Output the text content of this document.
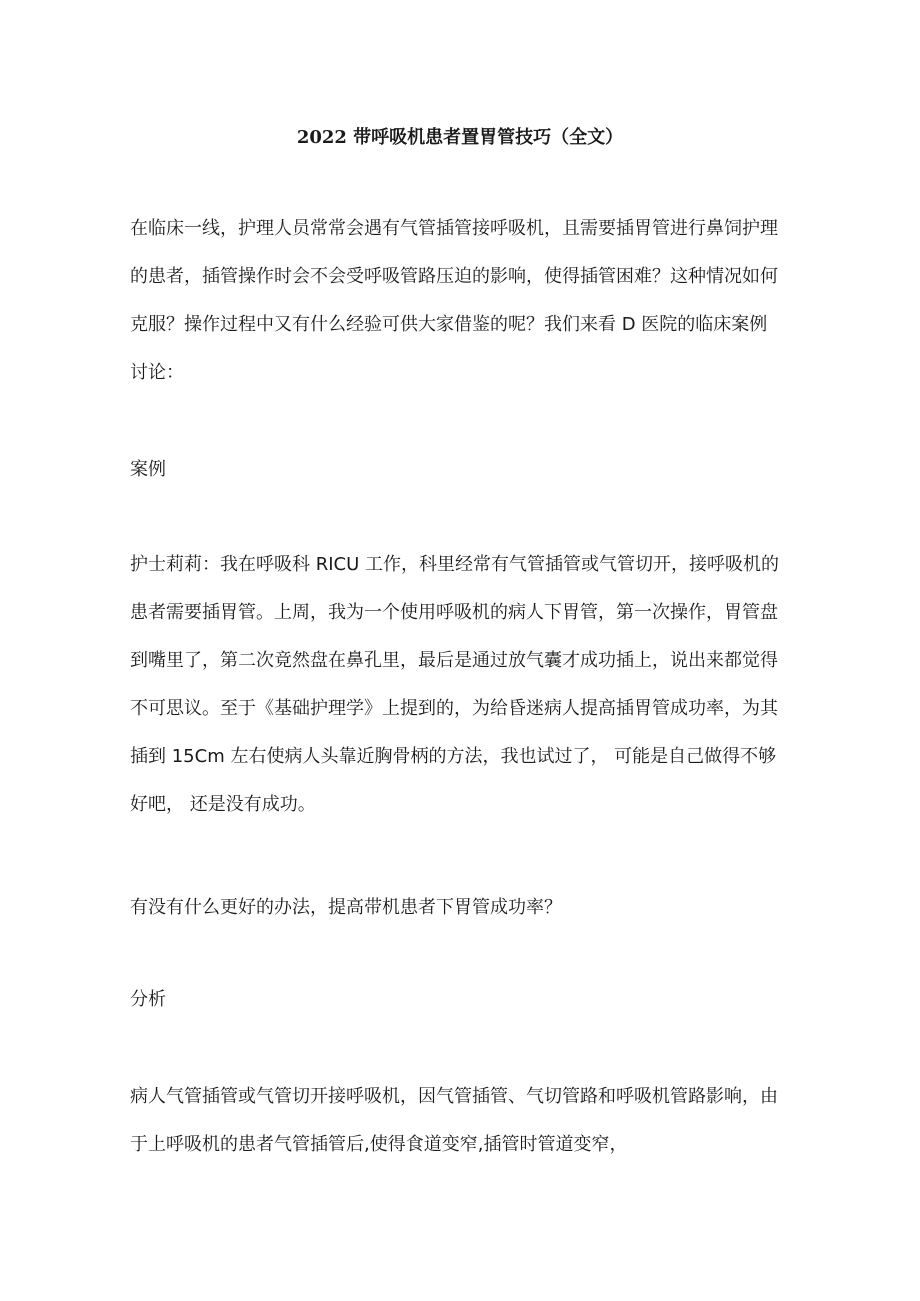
2022 带呼吸机患者置胃管技巧（全文）
在临床一线，护理人员常常会遇有气管插管接呼吸机，且需要插胃管进行鼻饲护理
的患者，插管操作时会不会受呼吸管路压迫的影响，使得插管困难？这种情况如何
克服？操作过程中又有什么经验可供大家借鉴的呢？我们来看 D 医院的临床案例
讨论：

案例

护士莉莉：我在呼吸科 RICU 工作，科里经常有气管插管或气管切开，接呼吸机的
患者需要插胃管。上周，我为一个使用呼吸机的病人下胃管，第一次操作，胃管盘
到嘴里了，第二次竟然盘在鼻孔里，最后是通过放气囊才成功插上，说出来都觉得
不可思议。至于《基础护理学》上提到的，为给昏迷病人提高插胃管成功率，为其
插到 15Cm 左右使病人头靠近胸骨柄的方法，我也试过了， 可能是自己做得不够
好吧， 还是没有成功。

有没有什么更好的办法，提高带机患者下胃管成功率？

分析

病人气管插管或气管切开接呼吸机，因气管插管、气切管路和呼吸机管路影响，由
于上呼吸机的患者气管插管后,使得食道变窄,插管时管道变窄，
